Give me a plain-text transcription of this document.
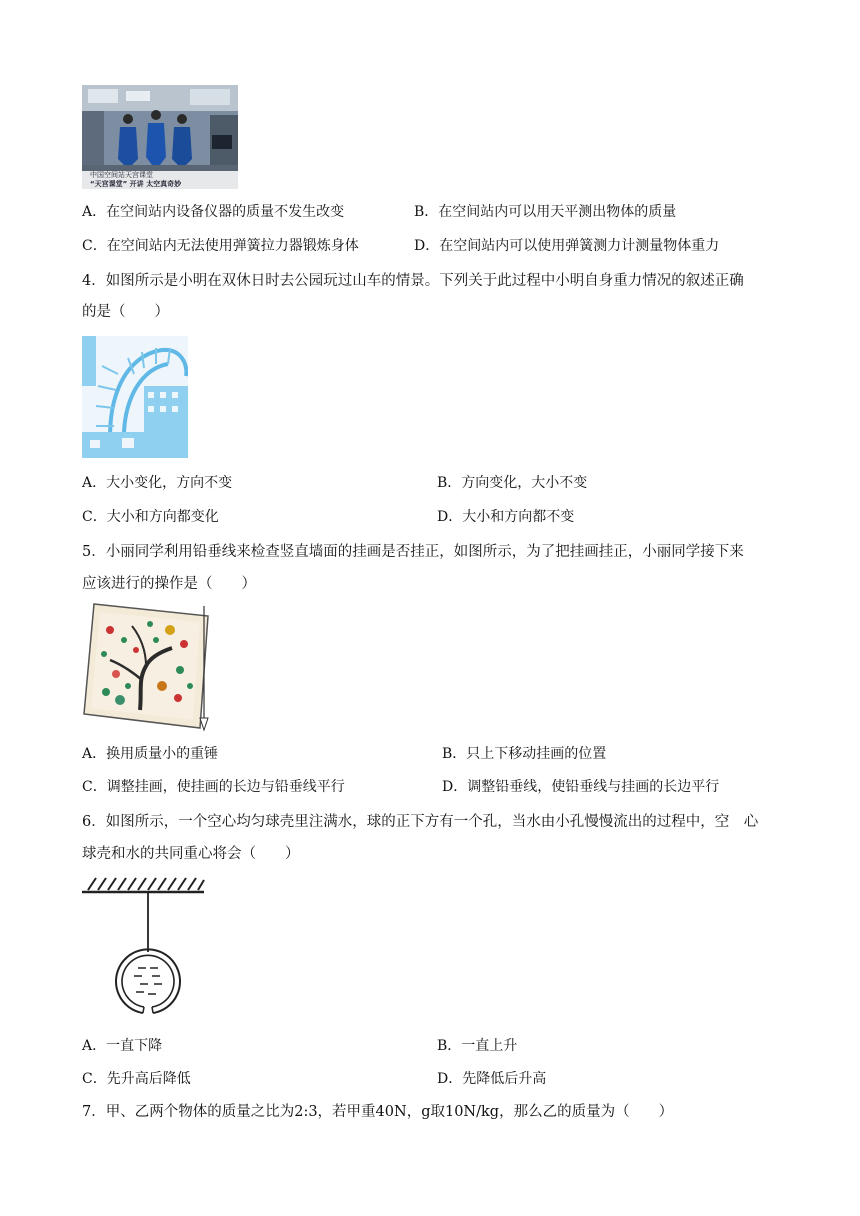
中国空间站天宫课堂
“天宫课堂” 开讲 太空真奇妙
A．在空间站内设备仪器的质量不发生改变	B．在空间站内可以用天平测出物体的质量
C．在空间站内无法使用弹簧拉力器锻炼身体	D．在空间站内可以使用弹簧测力计测量物体重力
4．如图所示是小明在双休日时去公园玩过山车的情景。下列关于此过程中小明自身重力情况的叙述正确
的是（　　）
A．大小变化，方向不变	B．方向变化，大小不变
C．大小和方向都变化	D．大小和方向都不变
5．小丽同学利用铅垂线来检查竖直墙面的挂画是否挂正，如图所示，为了把挂画挂正，小丽同学接下来
应该进行的操作是（　　）
A．换用质量小的重锤	B．只上下移动挂画的位置
C．调整挂画，使挂画的长边与铅垂线平行	D．调整铅垂线，使铅垂线与挂画的长边平行
6．如图所示，一个空心均匀球壳里注满水，球的正下方有一个孔，当水由小孔慢慢流出的过程中，空　心
球壳和水的共同重心将会（　　）
A．一直下降	B．一直上升
C．先升高后降低	D．先降低后升高
7．甲、乙两个物体的质量之比为2:3，若甲重40N，g取10N/kg，那么乙的质量为（　　）
